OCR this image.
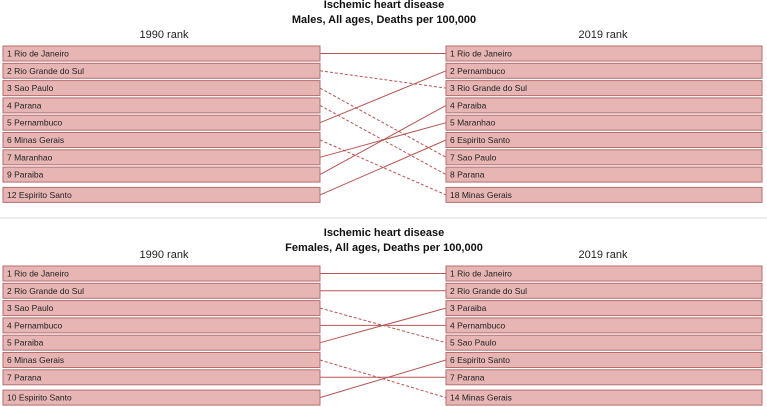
Ischemic heart disease
Males, All ages, Deaths per 100,000
1990 rank	2019 rank
1 Rio de Janeiro
2 Rio Grande do Sul
3 Sao Paulo
4 Parana
5 Pernambuco
6 Minas Gerais
7 Maranhao
9 Paraiba
12 Espirito Santo
1 Rio de Janeiro
2 Pernambuco
3 Rio Grande do Sul
4 Paraiba
5 Maranhao
6 Espirito Santo
7 Sao Paulo
8 Parana
18 Minas Gerais
Ischemic heart disease
Females, All ages, Deaths per 100,000
1990 rank	2019 rank
1 Rio de Janeiro
2 Rio Grande do Sul
3 Sao Paulo
4 Pernambuco
5 Paraiba
6 Minas Gerais
7 Parana
10 Espirito Santo
1 Rio de Janeiro
2 Rio Grande do Sul
3 Paraiba
4 Pernambuco
5 Sao Paulo
6 Espirito Santo
7 Parana
14 Minas Gerais
